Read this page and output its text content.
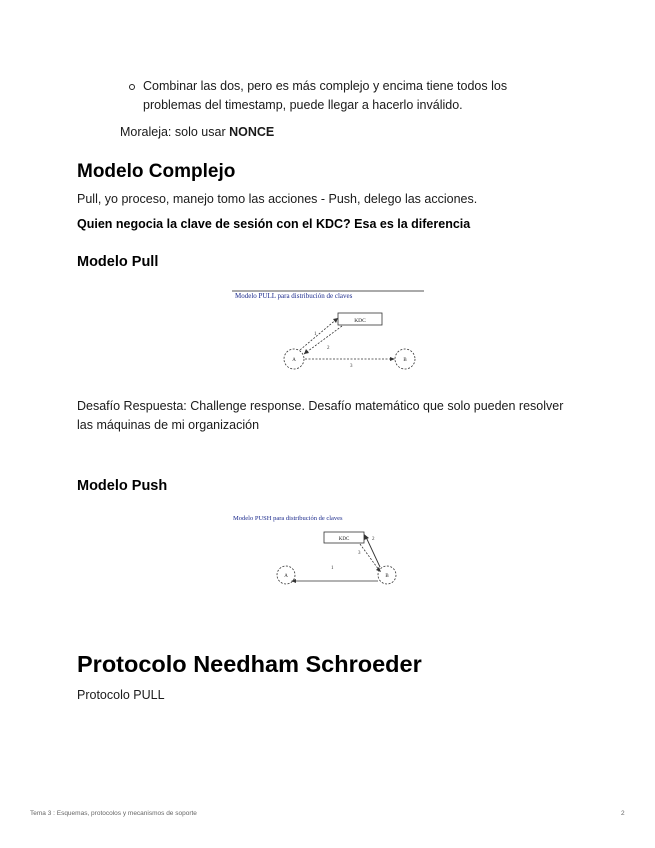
Combinar las dos, pero es más complejo y encima tiene todos los
problemas del timestamp, puede llegar a hacerlo inválido.
Moraleja: solo usar NONCE
Modelo Complejo
Pull, yo proceso, manejo tomo las acciones - Push, delego las acciones.
Quien negocia la clave de sesión con el KDC? Esa es la diferencia
Modelo Pull
Modelo PULL para distribución de claves
KDC
A	B
1
2
3
Desafío Respuesta: Challenge response. Desafío matemático que solo pueden resolver
las máquinas de mi organización
Modelo Push
Modelo PUSH para distribución de claves
KDC
A	B
2
3
1
Protocolo Needham Schroeder
Protocolo PULL
Tema 3 : Esquemas, protocolos y mecanismos de soporte	2
